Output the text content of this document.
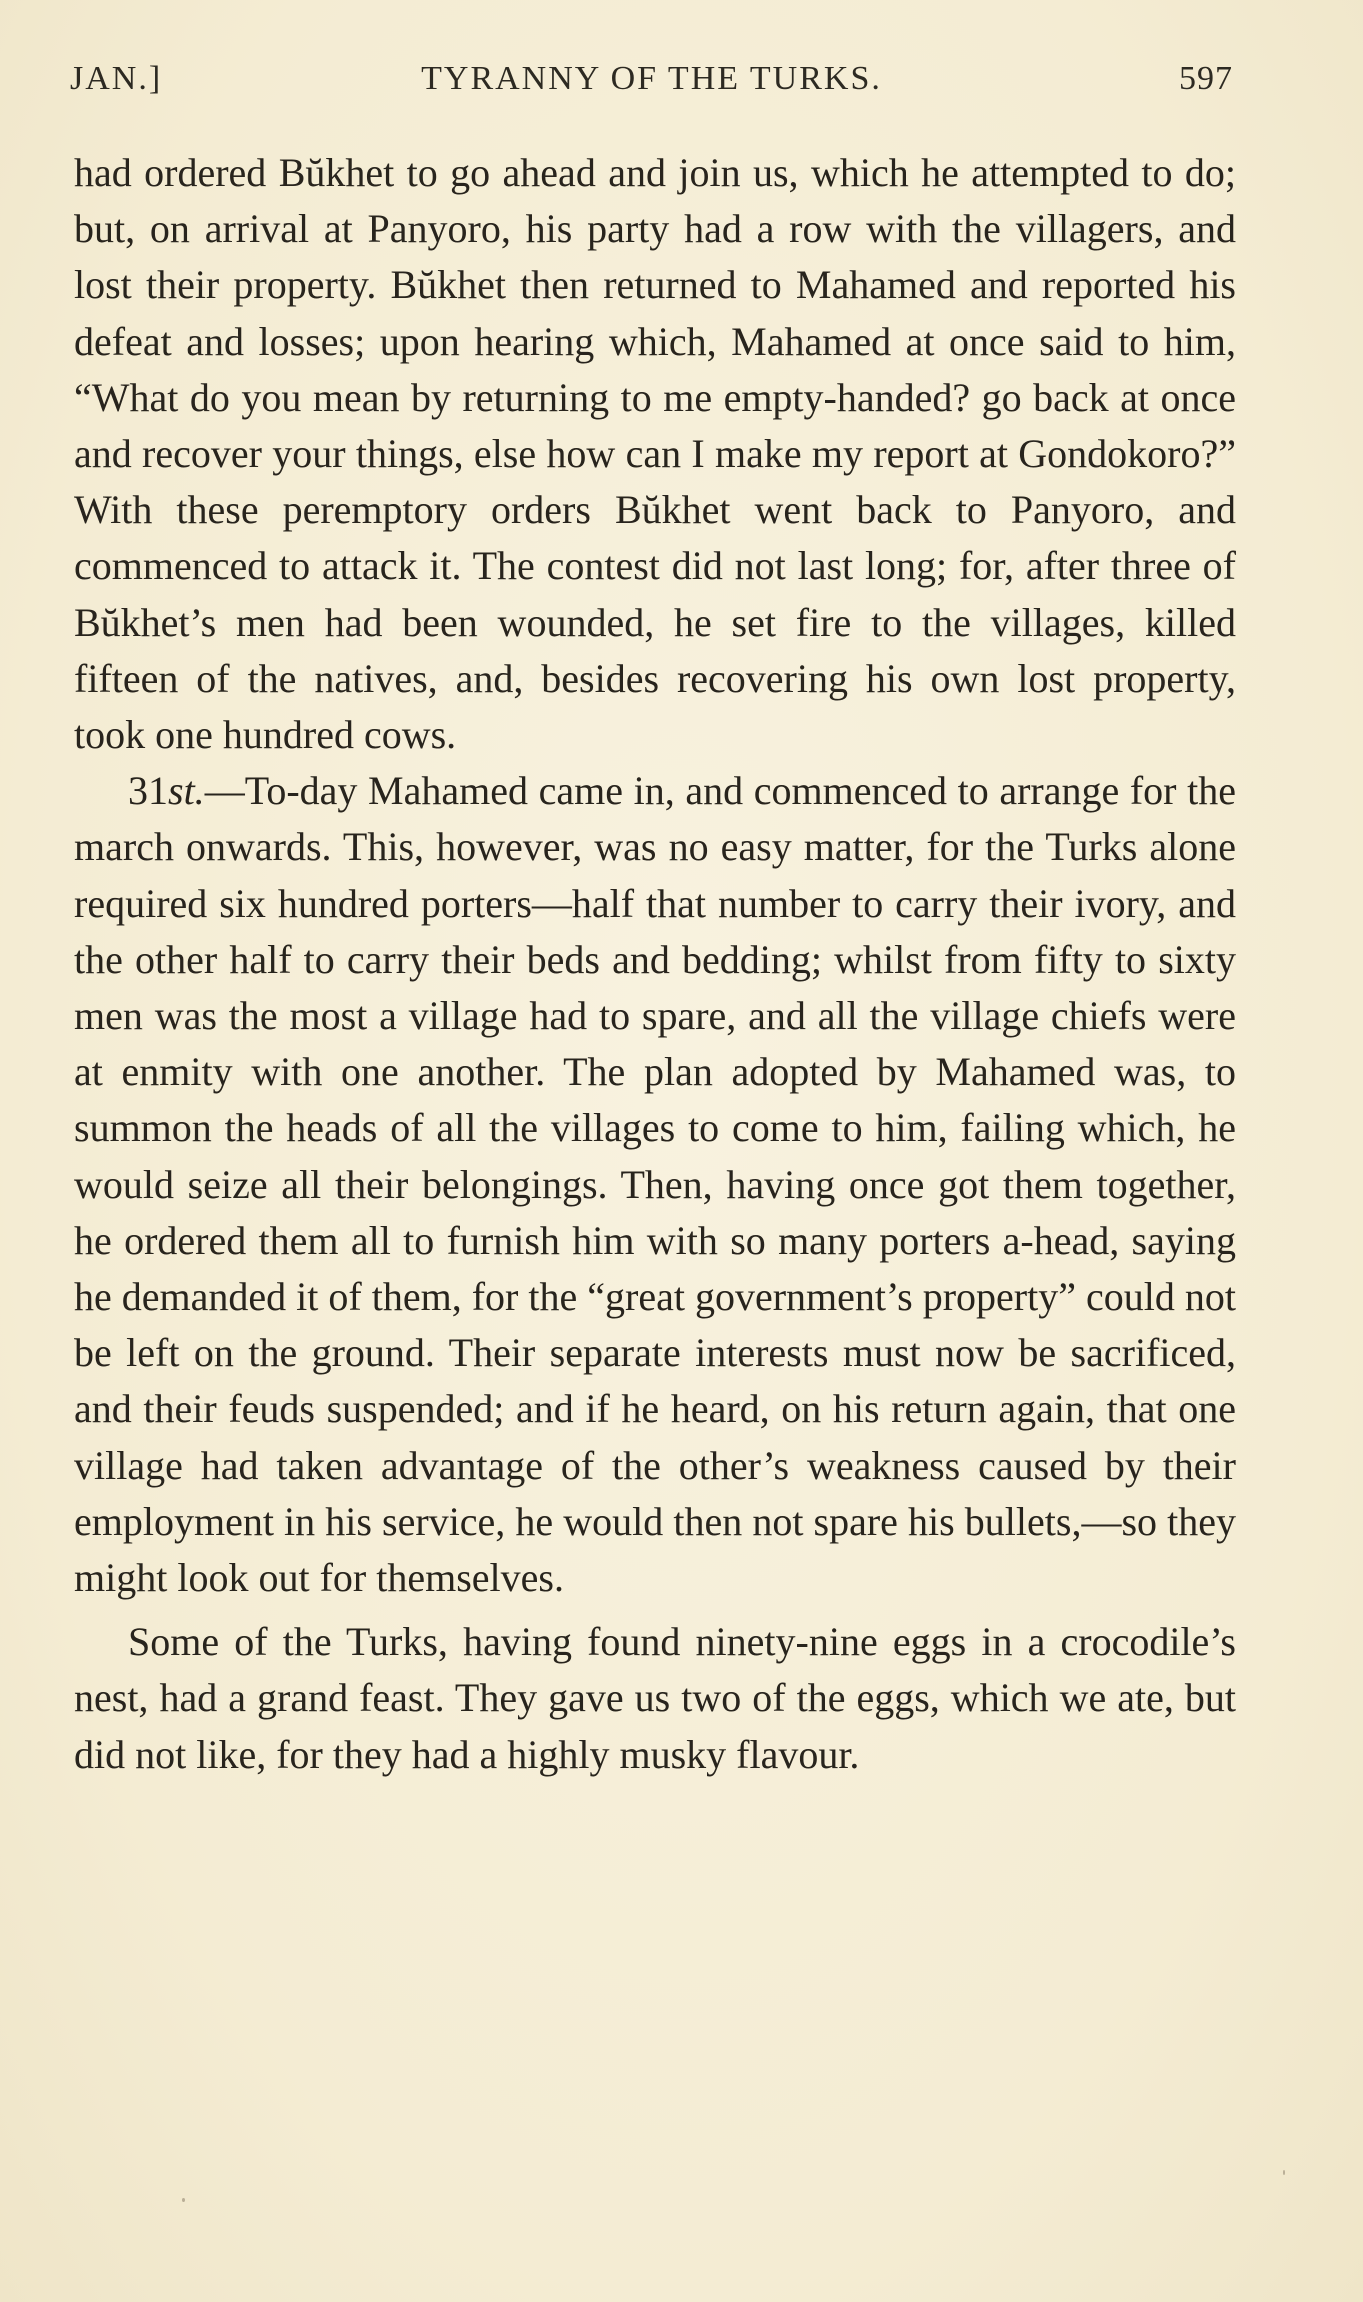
JAN.]	TYRANNY OF THE TURKS.	597

had ordered Bŭkhet to go ahead and join us, which he attempted to do; but, on arrival at Panyoro, his party had a row with the villagers, and lost their property. Bŭkhet then returned to Mahamed and reported his defeat and losses; upon hearing which, Mahamed at once said to him, “What do you mean by returning to me empty-handed? go back at once and recover your things, else how can I make my report at Gondokoro?” With these peremptory orders Bŭkhet went back to Panyoro, and commenced to attack it. The contest did not last long; for, after three of Bŭkhet’s men had been wounded, he set fire to the villages, killed fifteen of the natives, and, besides recovering his own lost property, took one hundred cows.

31st.—To-day Mahamed came in, and commenced to arrange for the march onwards. This, however, was no easy matter, for the Turks alone required six hundred porters—half that number to carry their ivory, and the other half to carry their beds and bedding; whilst from fifty to sixty men was the most a village had to spare, and all the village chiefs were at enmity with one another. The plan adopted by Mahamed was, to summon the heads of all the villages to come to him, failing which, he would seize all their belongings. Then, having once got them together, he ordered them all to furnish him with so many porters a-head, saying he demanded it of them, for the “great government’s property” could not be left on the ground. Their separate interests must now be sacrificed, and their feuds suspended; and if he heard, on his return again, that one village had taken advantage of the other’s weakness caused by their employment in his service, he would then not spare his bullets,—so they might look out for themselves.

Some of the Turks, having found ninety-nine eggs in a crocodile’s nest, had a grand feast. They gave us two of the eggs, which we ate, but did not like, for they had a highly musky flavour.
